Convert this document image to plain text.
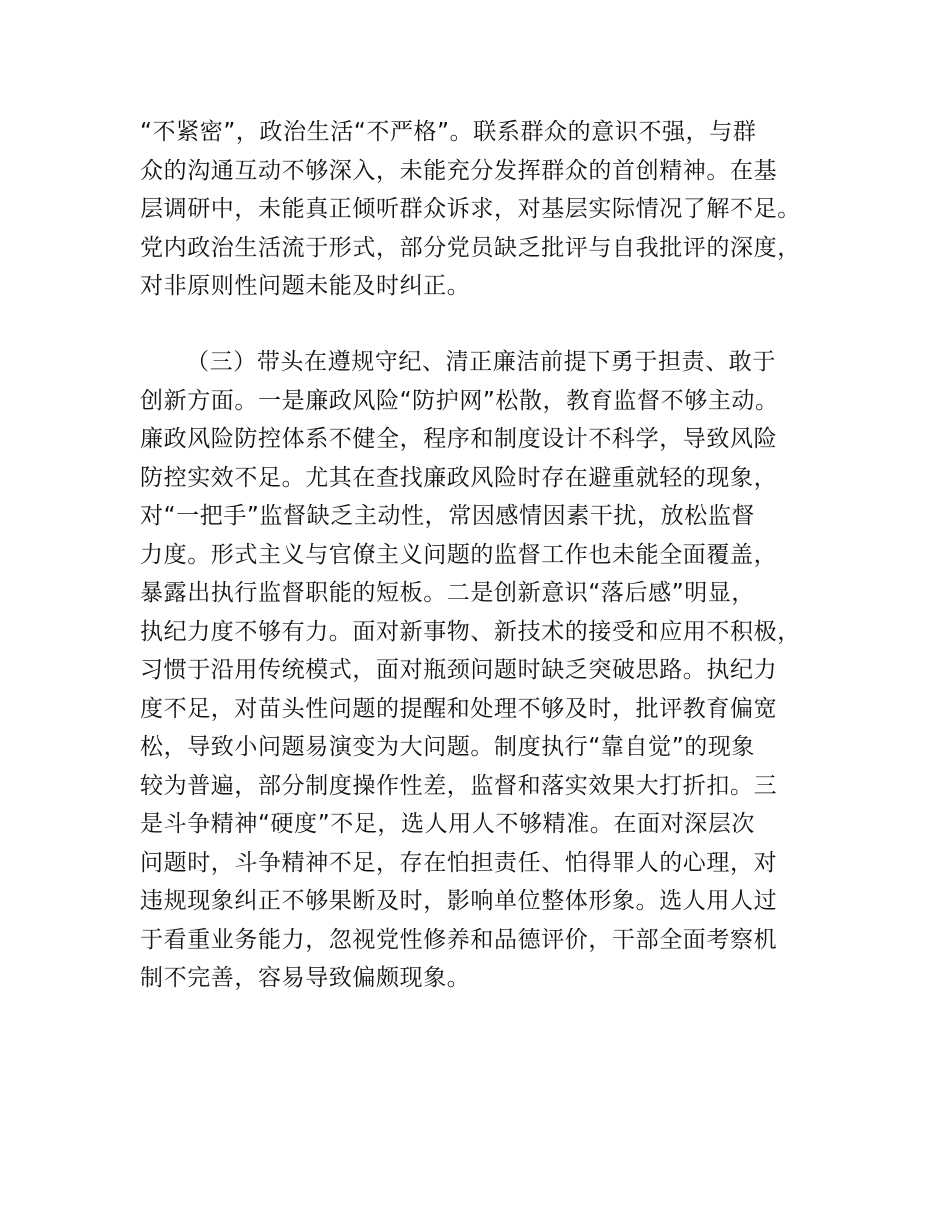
“不紧密”，政治生活“不严格”。联系群众的意识不强，与群
众的沟通互动不够深入，未能充分发挥群众的首创精神。在基
层调研中，未能真正倾听群众诉求，对基层实际情况了解不足。
党内政治生活流于形式，部分党员缺乏批评与自我批评的深度，
对非原则性问题未能及时纠正。
（三）带头在遵规守纪、清正廉洁前提下勇于担责、敢于
创新方面。一是廉政风险“防护网”松散，教育监督不够主动。
廉政风险防控体系不健全，程序和制度设计不科学，导致风险
防控实效不足。尤其在查找廉政风险时存在避重就轻的现象，
对“一把手”监督缺乏主动性，常因感情因素干扰，放松监督
力度。形式主义与官僚主义问题的监督工作也未能全面覆盖，
暴露出执行监督职能的短板。二是创新意识“落后感”明显，
执纪力度不够有力。面对新事物、新技术的接受和应用不积极，
习惯于沿用传统模式，面对瓶颈问题时缺乏突破思路。执纪力
度不足，对苗头性问题的提醒和处理不够及时，批评教育偏宽
松，导致小问题易演变为大问题。制度执行“靠自觉”的现象
较为普遍，部分制度操作性差，监督和落实效果大打折扣。三
是斗争精神“硬度”不足，选人用人不够精准。在面对深层次
问题时，斗争精神不足，存在怕担责任、怕得罪人的心理，对
违规现象纠正不够果断及时，影响单位整体形象。选人用人过
于看重业务能力，忽视党性修养和品德评价，干部全面考察机
制不完善，容易导致偏颇现象。
